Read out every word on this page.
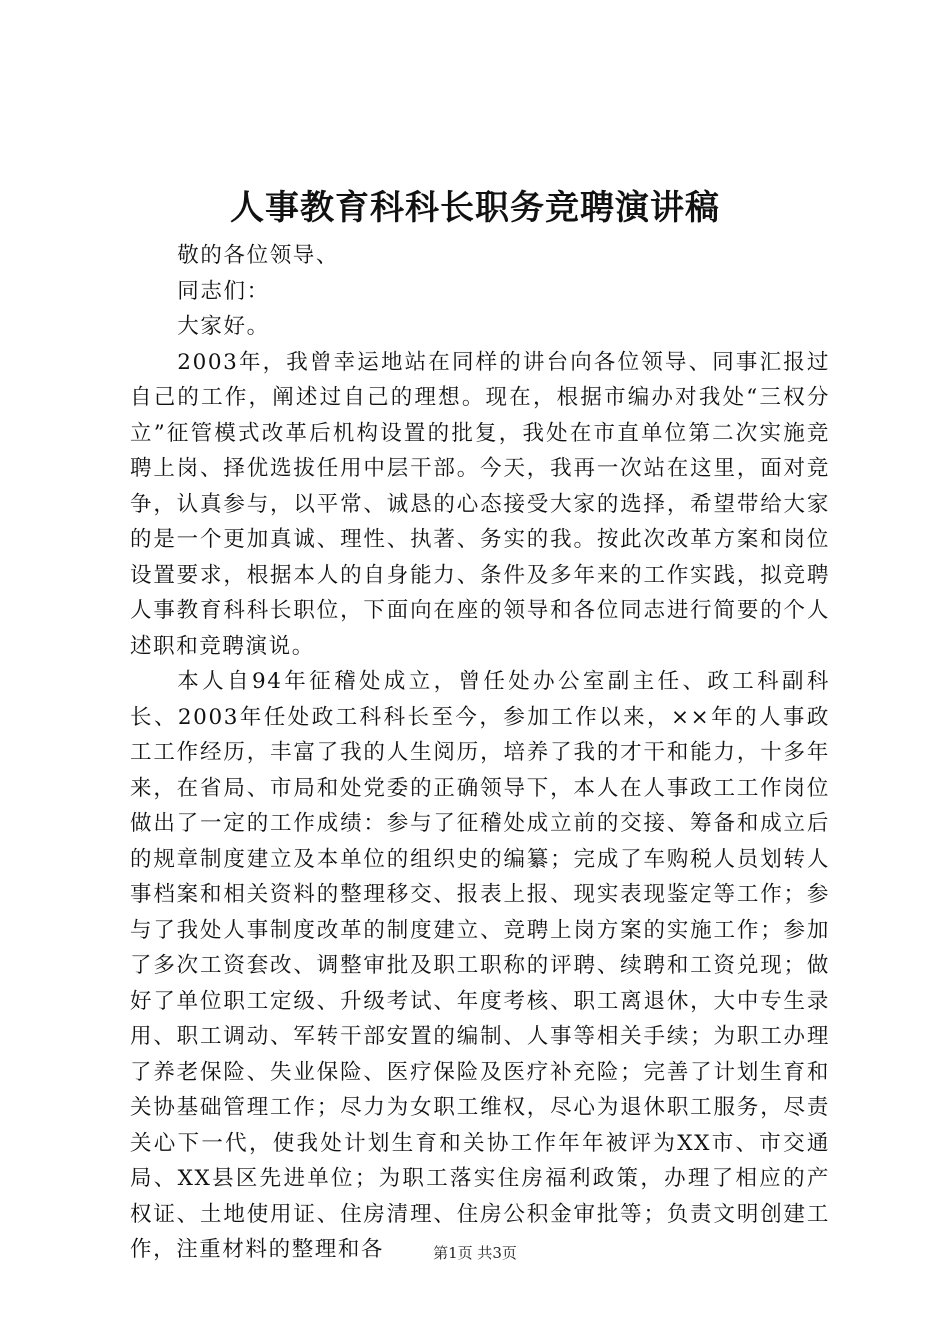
人事教育科科长职务竞聘演讲稿

敬的各位领导、

同志们：

大家好。

2003年，我曾幸运地站在同样的讲台向各位领导、同事汇报过自己的工作，阐述过自己的理想。现在，根据市编办对我处“三权分立”征管模式改革后机构设置的批复，我处在市直单位第二次实施竞聘上岗、择优选拔任用中层干部。今天，我再一次站在这里，面对竞争，认真参与，以平常、诚恳的心态接受大家的选择，希望带给大家的是一个更加真诚、理性、执著、务实的我。按此次改革方案和岗位设置要求，根据本人的自身能力、条件及多年来的工作实践，拟竞聘人事教育科科长职位，下面向在座的领导和各位同志进行简要的个人述职和竞聘演说。

本人自94年征稽处成立，曾任处办公室副主任、政工科副科长、2003年任处政工科科长至今，参加工作以来，××年的人事政工工作经历，丰富了我的人生阅历，培养了我的才干和能力，十多年来，在省局、市局和处党委的正确领导下，本人在人事政工工作岗位做出了一定的工作成绩：参与了征稽处成立前的交接、筹备和成立后的规章制度建立及本单位的组织史的编纂；完成了车购税人员划转人事档案和相关资料的整理移交、报表上报、现实表现鉴定等工作；参与了我处人事制度改革的制度建立、竞聘上岗方案的实施工作；参加了多次工资套改、调整审批及职工职称的评聘、续聘和工资兑现；做好了单位职工定级、升级考试、年度考核、职工离退休，大中专生录用、职工调动、军转干部安置的编制、人事等相关手续；为职工办理了养老保险、失业保险、医疗保险及医疗补充险；完善了计划生育和关协基础管理工作；尽力为女职工维权，尽心为退休职工服务，尽责关心下一代，使我处计划生育和关协工作年年被评为XX市、市交通局、XX县区先进单位；为职工落实住房福利政策，办理了相应的产权证、土地使用证、住房清理、住房公积金审批等；负责文明创建工作，注重材料的整理和各	第1页 共3页
